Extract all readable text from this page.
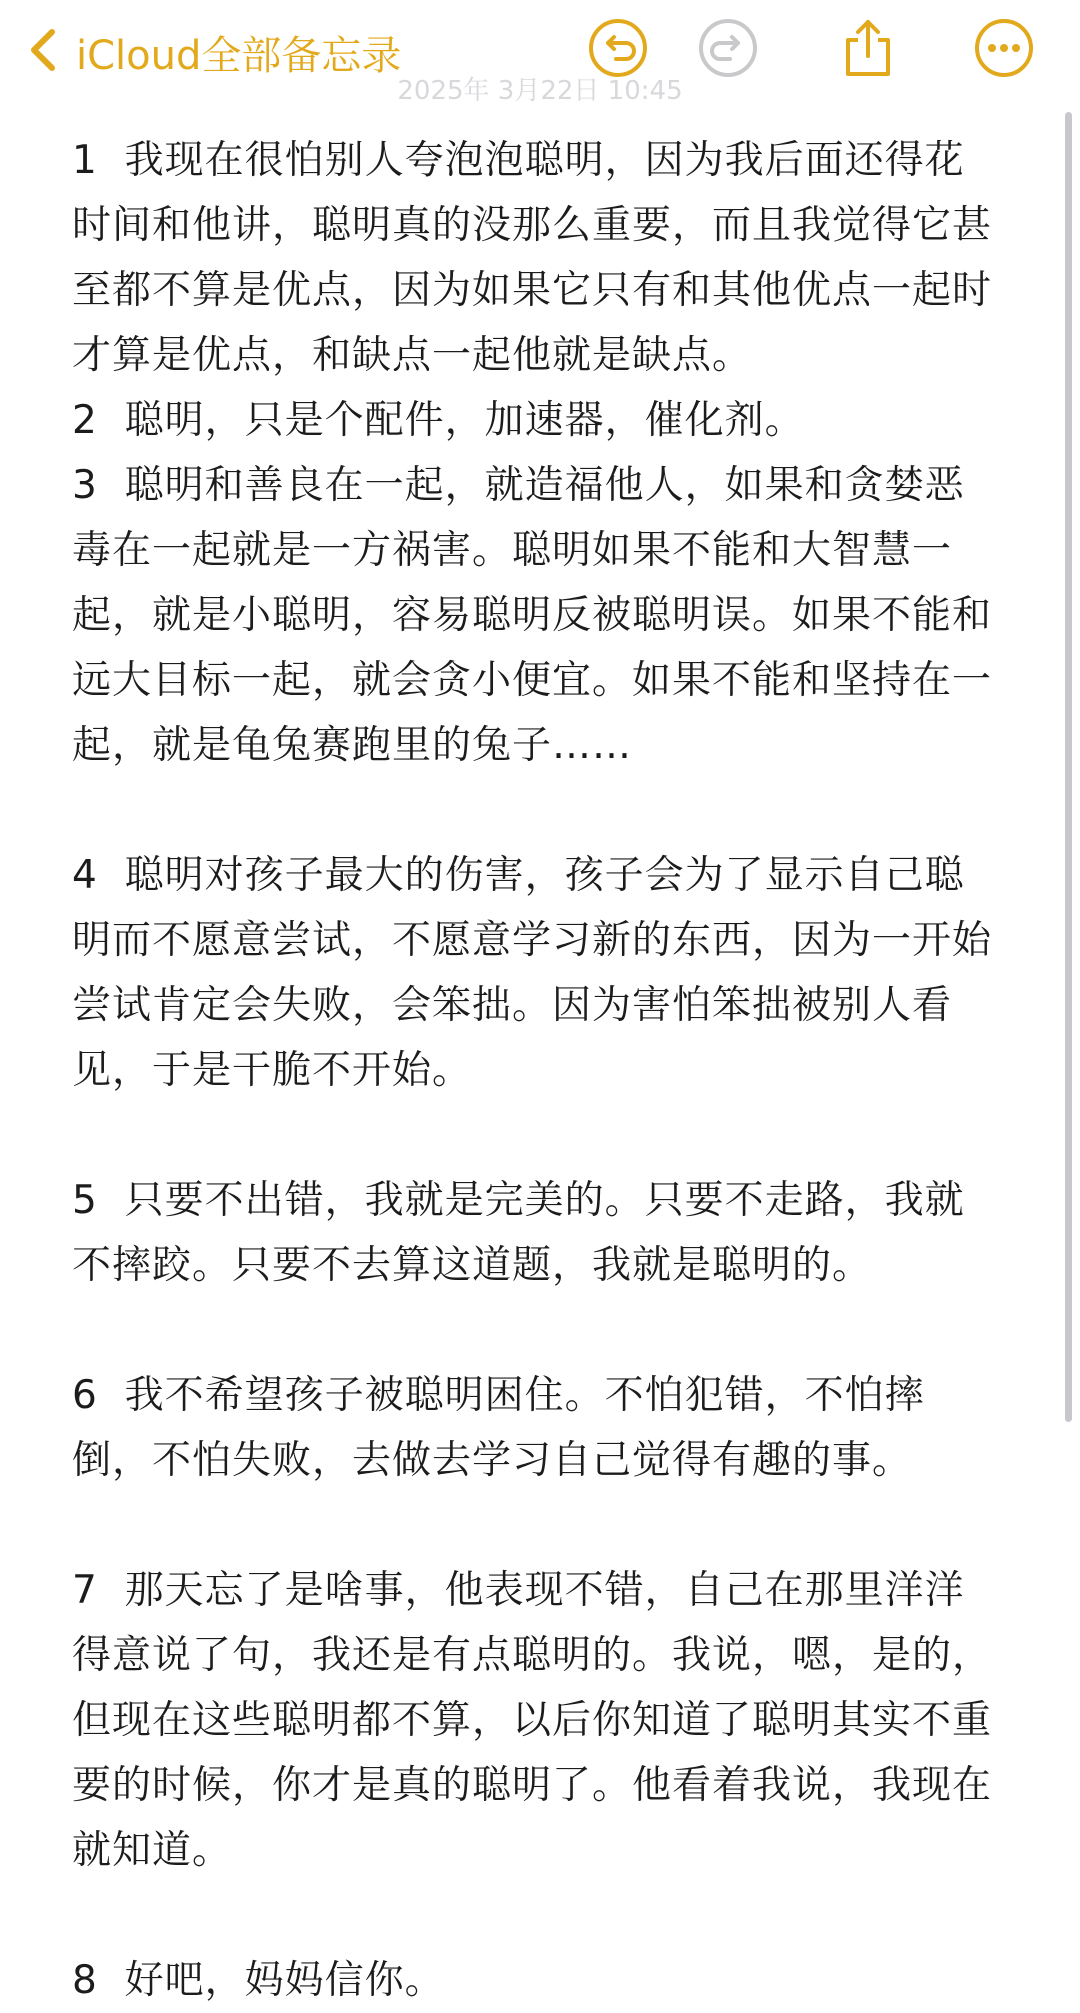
iCloud全部备忘录
2025年 3月22日 10:45

1  我现在很怕别人夸泡泡聪明，因为我后面还得花时间和他讲，聪明真的没那么重要，而且我觉得它甚至都不算是优点，因为如果它只有和其他优点一起时才算是优点，和缺点一起他就是缺点。

2  聪明，只是个配件，加速器，催化剂。

3  聪明和善良在一起，就造福他人，如果和贪婪恶毒在一起就是一方祸害。聪明如果不能和大智慧一起，就是小聪明，容易聪明反被聪明误。如果不能和远大目标一起，就会贪小便宜。如果不能和坚持在一起，就是龟兔赛跑里的兔子……

4  聪明对孩子最大的伤害，孩子会为了显示自己聪明而不愿意尝试，不愿意学习新的东西，因为一开始尝试肯定会失败，会笨拙。因为害怕笨拙被别人看见，于是干脆不开始。

5  只要不出错，我就是完美的。只要不走路，我就不摔跤。只要不去算这道题，我就是聪明的。

6  我不希望孩子被聪明困住。不怕犯错，不怕摔倒，不怕失败，去做去学习自己觉得有趣的事。

7  那天忘了是啥事，他表现不错，自己在那里洋洋得意说了句，我还是有点聪明的。我说，嗯，是的，但现在这些聪明都不算，以后你知道了聪明其实不重要的时候，你才是真的聪明了。他看着我说，我现在就知道。

8  好吧，妈妈信你。
